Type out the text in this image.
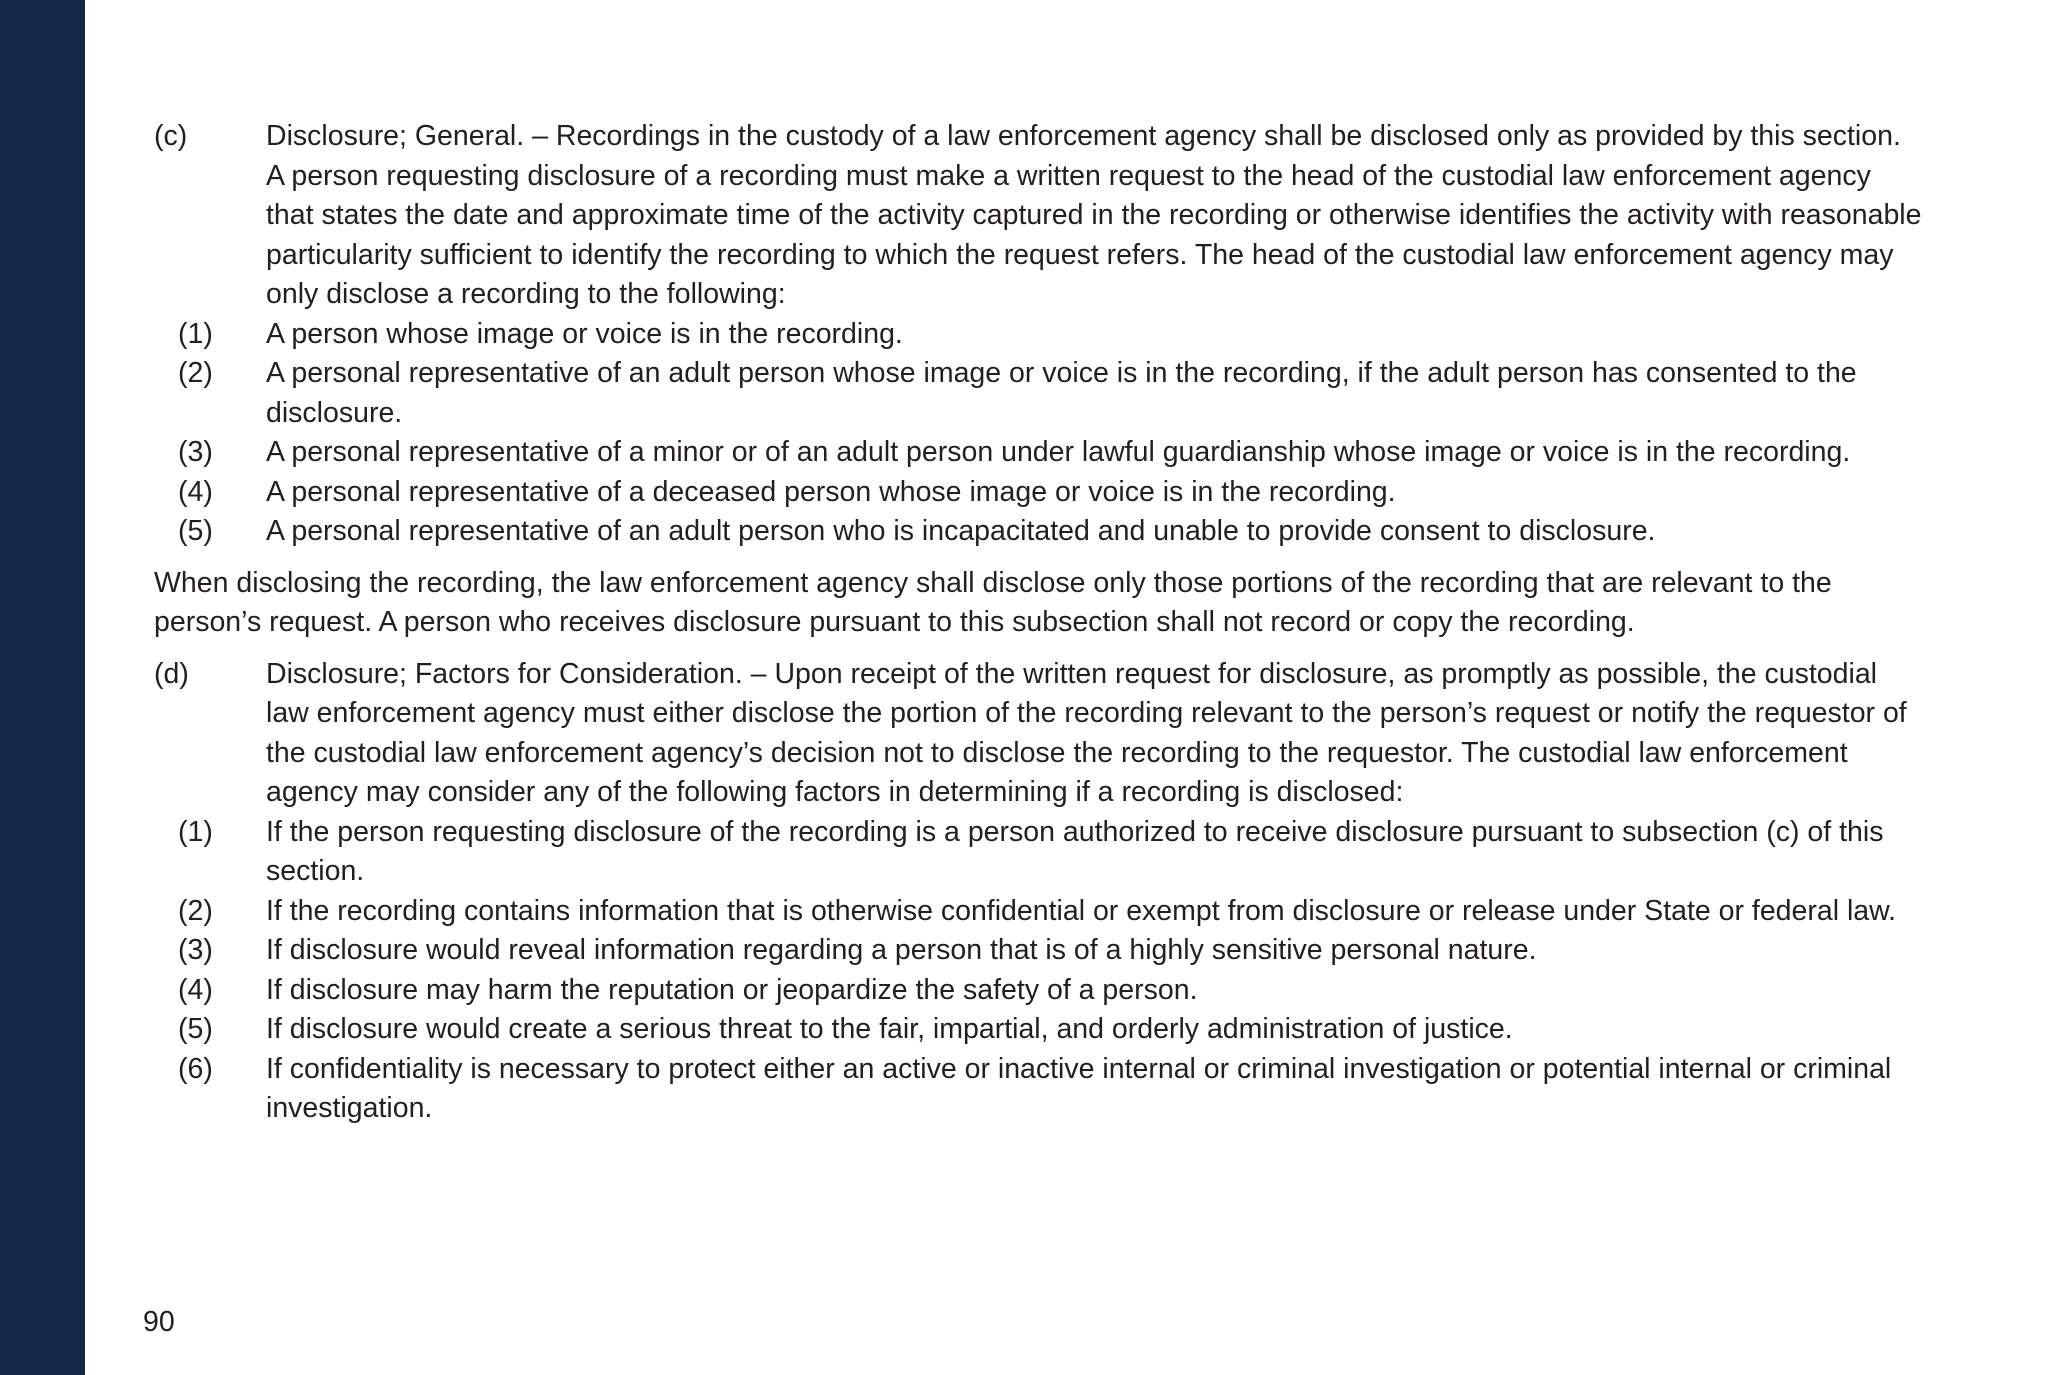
(c)	Disclosure; General. – Recordings in the custody of a law enforcement agency shall be disclosed only as provided by this section. A person requesting disclosure of a recording must make a written request to the head of the custodial law enforcement agency that states the date and approximate time of the activity captured in the recording or otherwise identifies the activity with reasonable particularity sufficient to identify the recording to which the request refers. The head of the custodial law enforcement agency may only disclose a recording to the following:
(1) A person whose image or voice is in the recording.
(2) A personal representative of an adult person whose image or voice is in the recording, if the adult person has consented to the disclosure.
(3) A personal representative of a minor or of an adult person under lawful guardianship whose image or voice is in the recording.
(4) A personal representative of a deceased person whose image or voice is in the recording.
(5) A personal representative of an adult person who is incapacitated and unable to provide consent to disclosure.
When disclosing the recording, the law enforcement agency shall disclose only those portions of the recording that are relevant to the person’s request. A person who receives disclosure pursuant to this subsection shall not record or copy the recording.
(d)	Disclosure; Factors for Consideration. – Upon receipt of the written request for disclosure, as promptly as possible, the custodial law enforcement agency must either disclose the portion of the recording relevant to the person’s request or notify the requestor of the custodial law enforcement agency’s decision not to disclose the recording to the requestor. The custodial law enforcement agency may consider any of the following factors in determining if a recording is disclosed:
(1) If the person requesting disclosure of the recording is a person authorized to receive disclosure pursuant to subsection (c) of this section.
(2) If the recording contains information that is otherwise confidential or exempt from disclosure or release under State or federal law.
(3) If disclosure would reveal information regarding a person that is of a highly sensitive personal nature.
(4) If disclosure may harm the reputation or jeopardize the safety of a person.
(5) If disclosure would create a serious threat to the fair, impartial, and orderly administration of justice.
(6) If confidentiality is necessary to protect either an active or inactive internal or criminal investigation or potential internal or criminal investigation.
90
